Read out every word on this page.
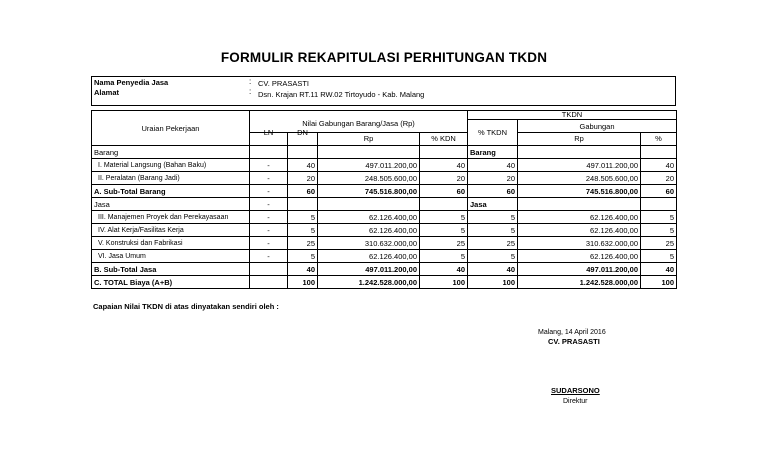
FORMULIR REKAPITULASI PERHITUNGAN TKDN
Nama Penyedia Jasa	: CV. PRASASTI
Alamat	: Dsn. Krajan RT.11 RW.02 Tirtoyudo - Kab. Malang
Uraian Pekerjaan	Nilai Gabungan Barang/Jasa (Rp)				TKDN		
					% TKDN	Gabungan	
	LN	DN	Rp	% KDN		Rp	%
Barang					Barang		
I. Material Langsung (Bahan Baku)	-	40	497.011.200,00	40	40	497.011.200,00	40
II. Peralatan (Barang Jadi)	-	20	248.505.600,00	20	20	248.505.600,00	20
A. Sub-Total Barang	-	60	745.516.800,00	60	60	745.516.800,00	60
Jasa	-				Jasa		
III. Manajemen Proyek dan Perekayasaan	-	5	62.126.400,00	5	5	62.126.400,00	5
IV. Alat Kerja/Fasilitas Kerja	-	5	62.126.400,00	5	5	62.126.400,00	5
V. Konstruksi dan Fabrikasi	-	25	310.632.000,00	25	25	310.632.000,00	25
VI. Jasa Umum	-	5	62.126.400,00	5	5	62.126.400,00	5
B. Sub-Total Jasa		40	497.011.200,00	40	40	497.011.200,00	40
C. TOTAL Biaya (A+B)		100	1.242.528.000,00	100	100	1.242.528.000,00	100
Capaian Nilai TKDN di atas dinyatakan sendiri oleh :
Malang, 14 April 2016
CV. PRASASTI
SUDARSONO
Direktur
